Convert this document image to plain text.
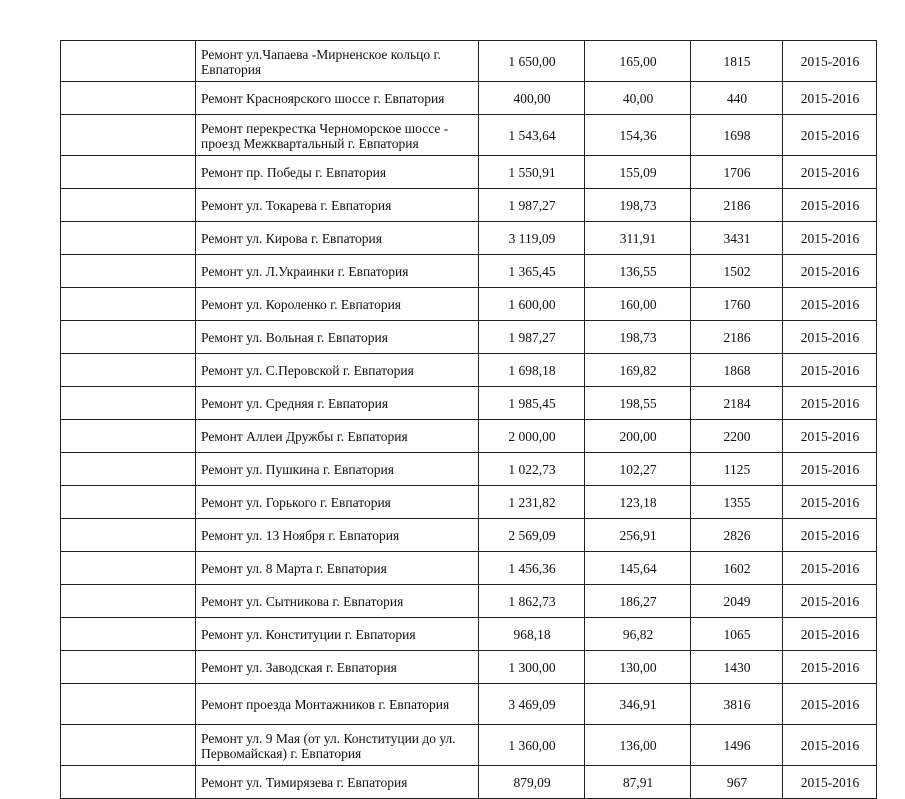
	Ремонт ул.Чапаева -Мирненское кольцо г. Евпатория	1 650,00	165,00	1815	2015-2016
	Ремонт Красноярского шоссе г. Евпатория	400,00	40,00	440	2015-2016
	Ремонт перекрестка Черноморское шоссе - проезд Межквартальный г. Евпатория	1 543,64	154,36	1698	2015-2016
	Ремонт пр. Победы г. Евпатория	1 550,91	155,09	1706	2015-2016
	Ремонт ул. Токарева г. Евпатория	1 987,27	198,73	2186	2015-2016
	Ремонт ул. Кирова г. Евпатория	3 119,09	311,91	3431	2015-2016
	Ремонт ул. Л.Украинки г. Евпатория	1 365,45	136,55	1502	2015-2016
	Ремонт ул. Короленко г. Евпатория	1 600,00	160,00	1760	2015-2016
	Ремонт ул. Вольная г. Евпатория	1 987,27	198,73	2186	2015-2016
	Ремонт ул. С.Перовской г. Евпатория	1 698,18	169,82	1868	2015-2016
	Ремонт ул. Средняя г. Евпатория	1 985,45	198,55	2184	2015-2016
	Ремонт Аллеи Дружбы г. Евпатория	2 000,00	200,00	2200	2015-2016
	Ремонт ул. Пушкина г. Евпатория	1 022,73	102,27	1125	2015-2016
	Ремонт ул. Горького г. Евпатория	1 231,82	123,18	1355	2015-2016
	Ремонт ул. 13 Ноября г. Евпатория	2 569,09	256,91	2826	2015-2016
	Ремонт ул. 8 Марта г. Евпатория	1 456,36	145,64	1602	2015-2016
	Ремонт ул. Сытникова г. Евпатория	1 862,73	186,27	2049	2015-2016
	Ремонт ул. Конституции г. Евпатория	968,18	96,82	1065	2015-2016
	Ремонт ул. Заводская г. Евпатория	1 300,00	130,00	1430	2015-2016
	Ремонт проезда Монтажников г. Евпатория	3 469,09	346,91	3816	2015-2016
	Ремонт ул. 9 Мая (от ул. Конституции до ул. Первомайская) г. Евпатория	1 360,00	136,00	1496	2015-2016
	Ремонт ул. Тимирязева г. Евпатория	879,09	87,91	967	2015-2016
